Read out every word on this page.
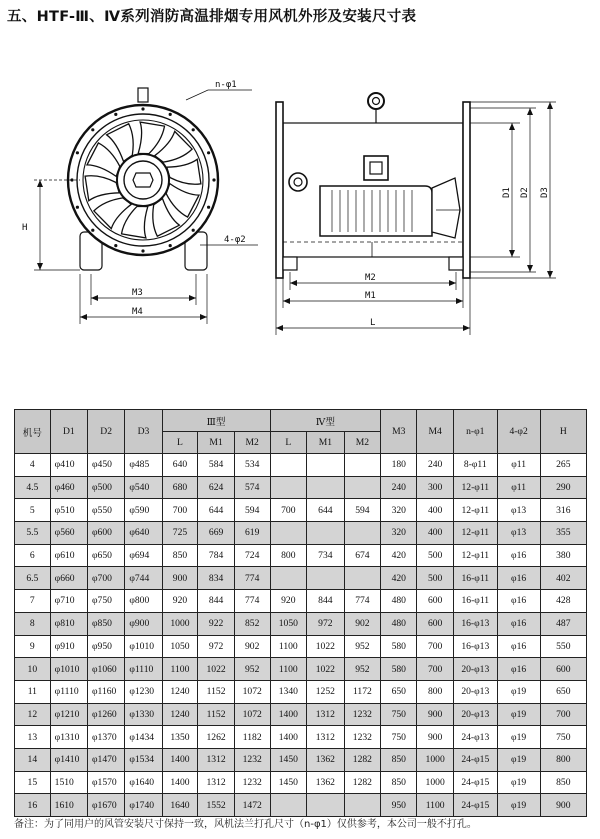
五、HTF-Ⅲ、Ⅳ系列消防高温排烟专用风机外形及安装尺寸表
n-φ1
4-φ2
H
M3
M4
M2
M1
L
D1 D2 D3
机号	D1	D2	D3	Ⅲ型			Ⅳ型			M3	M4	n-φ1	4-φ2	H
				L	M1	M2	L	M1	M2					
4	φ410	φ450	φ485	640	584	534				180	240	8-φ11	φ11	265
4.5	φ460	φ500	φ540	680	624	574				240	300	12-φ11	φ11	290
5	φ510	φ550	φ590	700	644	594	700	644	594	320	400	12-φ11	φ13	316
5.5	φ560	φ600	φ640	725	669	619				320	400	12-φ11	φ13	355
6	φ610	φ650	φ694	850	784	724	800	734	674	420	500	12-φ11	φ16	380
6.5	φ660	φ700	φ744	900	834	774				420	500	16-φ11	φ16	402
7	φ710	φ750	φ800	920	844	774	920	844	774	480	600	16-φ11	φ16	428
8	φ810	φ850	φ900	1000	922	852	1050	972	902	480	600	16-φ13	φ16	487
9	φ910	φ950	φ1010	1050	972	902	1100	1022	952	580	700	16-φ13	φ16	550
10	φ1010	φ1060	φ1110	1100	1022	952	1100	1022	952	580	700	20-φ13	φ16	600
11	φ1110	φ1160	φ1230	1240	1152	1072	1340	1252	1172	650	800	20-φ13	φ19	650
12	φ1210	φ1260	φ1330	1240	1152	1072	1400	1312	1232	750	900	20-φ13	φ19	700
13	φ1310	φ1370	φ1434	1350	1262	1182	1400	1312	1232	750	900	24-φ13	φ19	750
14	φ1410	φ1470	φ1534	1400	1312	1232	1450	1362	1282	850	1000	24-φ15	φ19	800
15	1510	φ1570	φ1640	1400	1312	1232	1450	1362	1282	850	1000	24-φ15	φ19	850
16	1610	φ1670	φ1740	1640	1552	1472				950	1100	24-φ15	φ19	900
备注：为了同用户的风管安装尺寸保持一致，风机法兰打孔尺寸（n-φ1）仅供参考，本公司一般不打孔。
